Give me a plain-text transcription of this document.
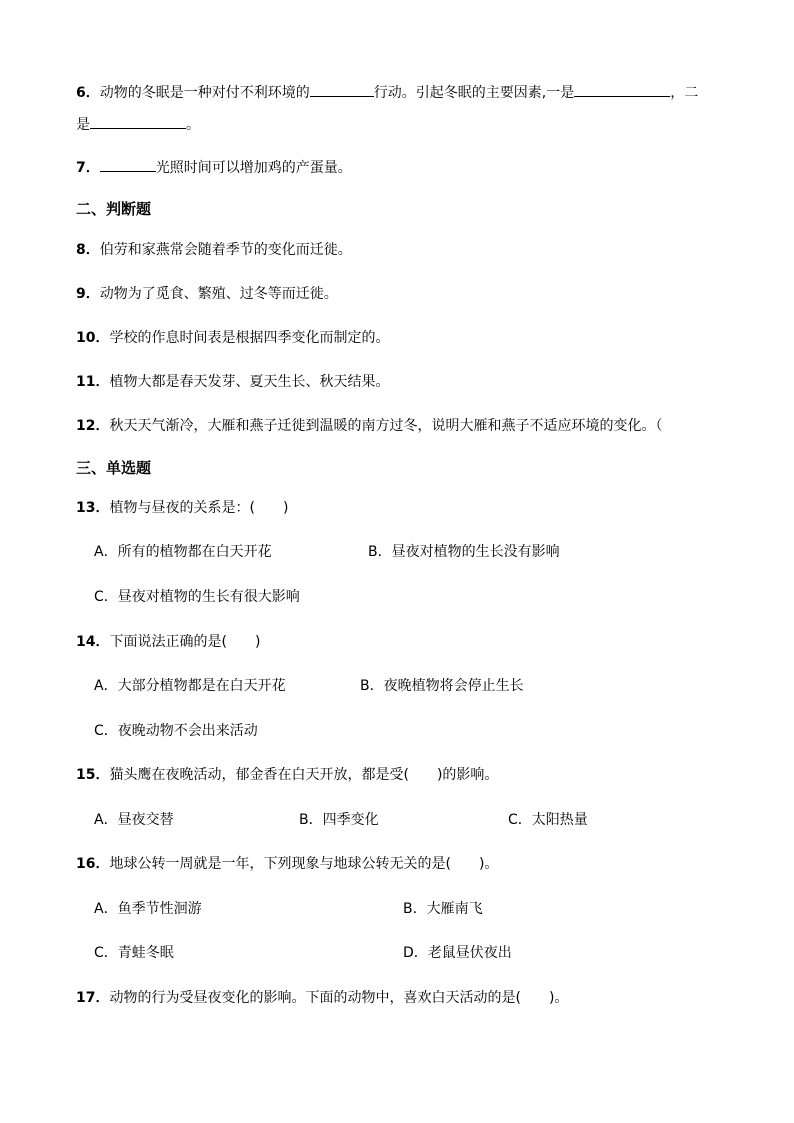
6．动物的冬眠是一种对付不利环境的	行动。引起冬眠的主要因素,一是	，二
是	。
7．	光照时间可以增加鸡的产蛋量。
二、判断题
8．伯劳和家燕常会随着季节的变化而迁徙。
9．动物为了觅食、繁殖、过冬等而迁徙。
10．学校的作息时间表是根据四季变化而制定的。
11．植物大都是春天发芽、夏天生长、秋天结果。
12．秋天天气渐冷，大雁和燕子迁徙到温暖的南方过冬，说明大雁和燕子不适应环境的变化。（
三、单选题
13．植物与昼夜的关系是：(　　)
A．所有的植物都在白天开花	B．昼夜对植物的生长没有影响
C．昼夜对植物的生长有很大影响
14．下面说法正确的是(　　)
A．大部分植物都是在白天开花	B．夜晚植物将会停止生长
C．夜晚动物不会出来活动
15．猫头鹰在夜晚活动，郁金香在白天开放，都是受(　　)的影响。
A．昼夜交替	B．四季变化	C．太阳热量
16．地球公转一周就是一年，下列现象与地球公转无关的是(　　)。
A．鱼季节性洄游	B．大雁南飞
C．青蛙冬眠	D．老鼠昼伏夜出
17．动物的行为受昼夜变化的影响。下面的动物中，喜欢白天活动的是(　　)。
